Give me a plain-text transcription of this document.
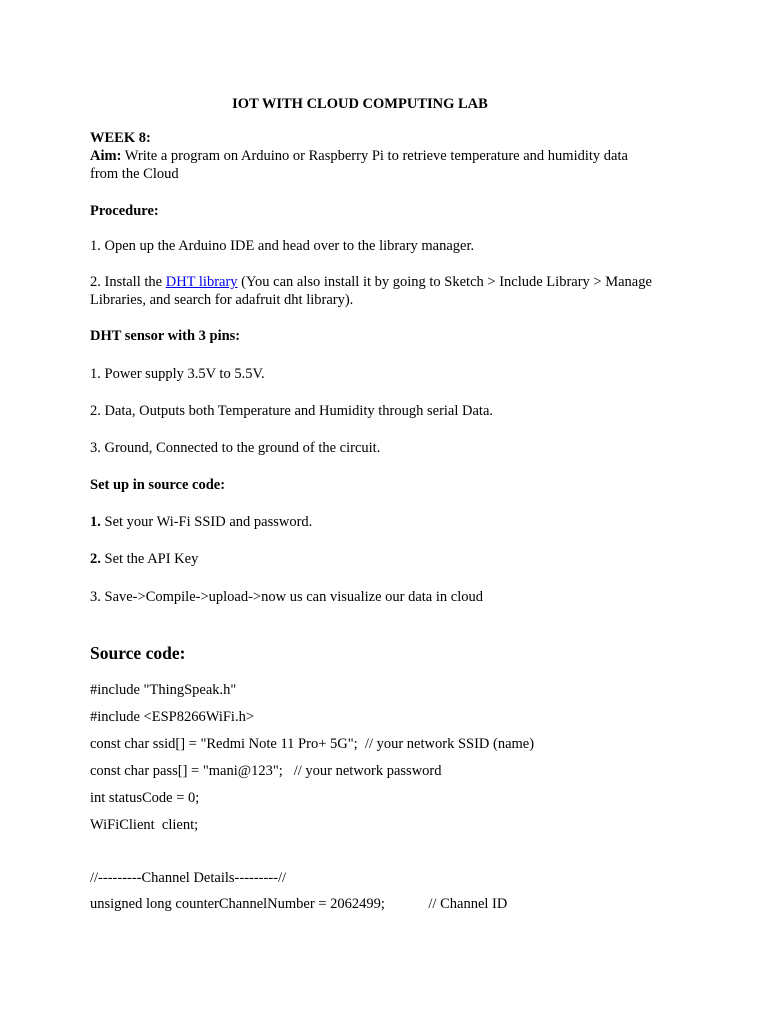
IOT WITH CLOUD COMPUTING LAB
WEEK 8:
Aim: Write a program on Arduino or Raspberry Pi to retrieve temperature and humidity data
from the Cloud
Procedure:
1. Open up the Arduino IDE and head over to the library manager.
2. Install the DHT library (You can also install it by going to Sketch > Include Library > Manage
Libraries, and search for adafruit dht library).
DHT sensor with 3 pins:
1. Power supply 3.5V to 5.5V.
2. Data, Outputs both Temperature and Humidity through serial Data.
3. Ground, Connected to the ground of the circuit.
Set up in source code:
1. Set your Wi-Fi SSID and password.
2. Set the API Key
3. Save->Compile->upload->now us can visualize our data in cloud
Source code:
#include "ThingSpeak.h"
#include <ESP8266WiFi.h>
const char ssid[] = "Redmi Note 11 Pro+ 5G";  // your network SSID (name)
const char pass[] = "mani@123";   // your network password
int statusCode = 0;
WiFiClient  client;
//---------Channel Details---------//
unsigned long counterChannelNumber = 2062499;            // Channel ID
